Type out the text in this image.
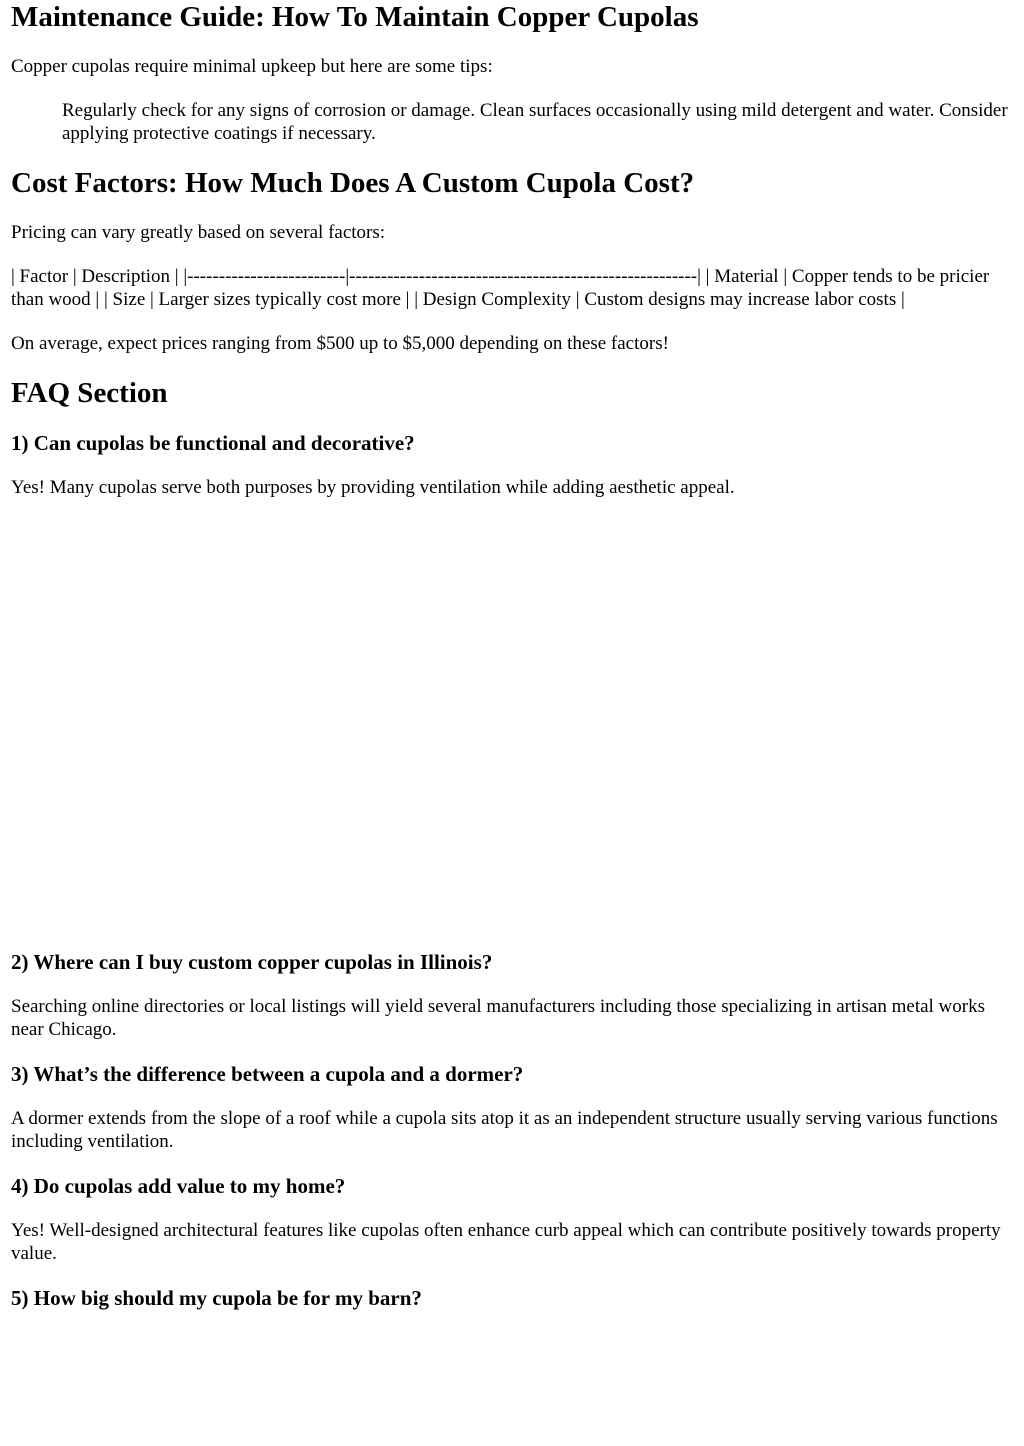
Maintenance Guide: How To Maintain Copper Cupolas

Copper cupolas require minimal upkeep but here are some tips:

Regularly check for any signs of corrosion or damage. Clean surfaces occasionally using mild detergent and water. Consider applying protective coatings if necessary.
Cost Factors: How Much Does A Custom Cupola Cost?

Pricing can vary greatly based on several factors:

| Factor | Description | |-------------------------|-------------------------------------------------------| | Material | Copper tends to be pricier than wood | | Size | Larger sizes typically cost more | | Design Complexity | Custom designs may increase labor costs |

On average, expect prices ranging from $500 up to $5,000 depending on these factors!

FAQ Section
1) Can cupolas be functional and decorative?

Yes! Many cupolas serve both purposes by providing ventilation while adding aesthetic appeal.

2) Where can I buy custom copper cupolas in Illinois?

Searching online directories or local listings will yield several manufacturers including those specializing in artisan metal works near Chicago.

3) What’s the difference between a cupola and a dormer?

A dormer extends from the slope of a roof while a cupola sits atop it as an independent structure usually serving various functions including ventilation.

4) Do cupolas add value to my home?

Yes! Well-designed architectural features like cupolas often enhance curb appeal which can contribute positively towards property value.

5) How big should my cupola be for my barn?
